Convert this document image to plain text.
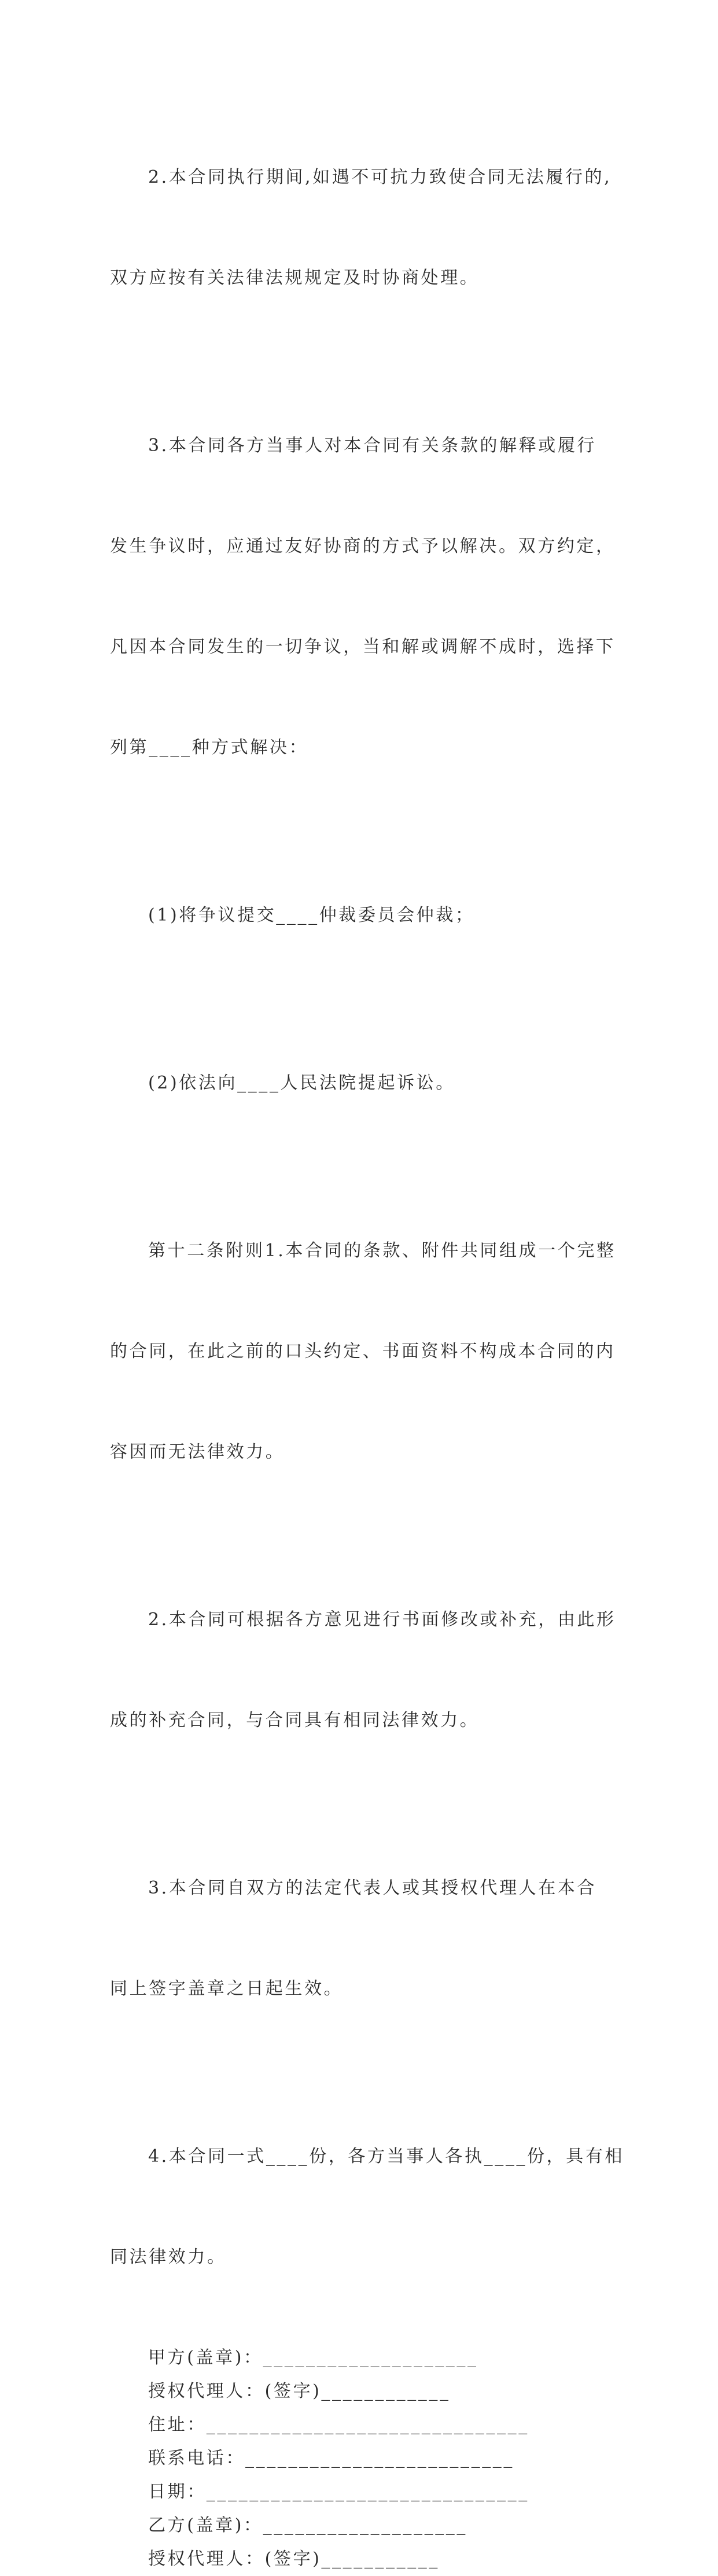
2.本合同执行期间,如遇不可抗力致使合同无法履行的,

双方应按有关法律法规规定及时协商处理。

3.本合同各方当事人对本合同有关条款的解释或履行

发生争议时，应通过友好协商的方式予以解决。双方约定，

凡因本合同发生的一切争议，当和解或调解不成时，选择下

列第____种方式解决：

(1)将争议提交____仲裁委员会仲裁；

(2)依法向____人民法院提起诉讼。

第十二条附则1.本合同的条款、附件共同组成一个完整

的合同，在此之前的口头约定、书面资料不构成本合同的内

容因而无法律效力。

2.本合同可根据各方意见进行书面修改或补充，由此形

成的补充合同，与合同具有相同法律效力。

3.本合同自双方的法定代表人或其授权代理人在本合

同上签字盖章之日起生效。

4.本合同一式____份，各方当事人各执____份，具有相

同法律效力。

甲方(盖章)：____________________

授权代理人：(签字)____________

住址：______________________________

联系电话：_________________________

日期：______________________________

乙方(盖章)：___________________

授权代理人：(签字)___________
